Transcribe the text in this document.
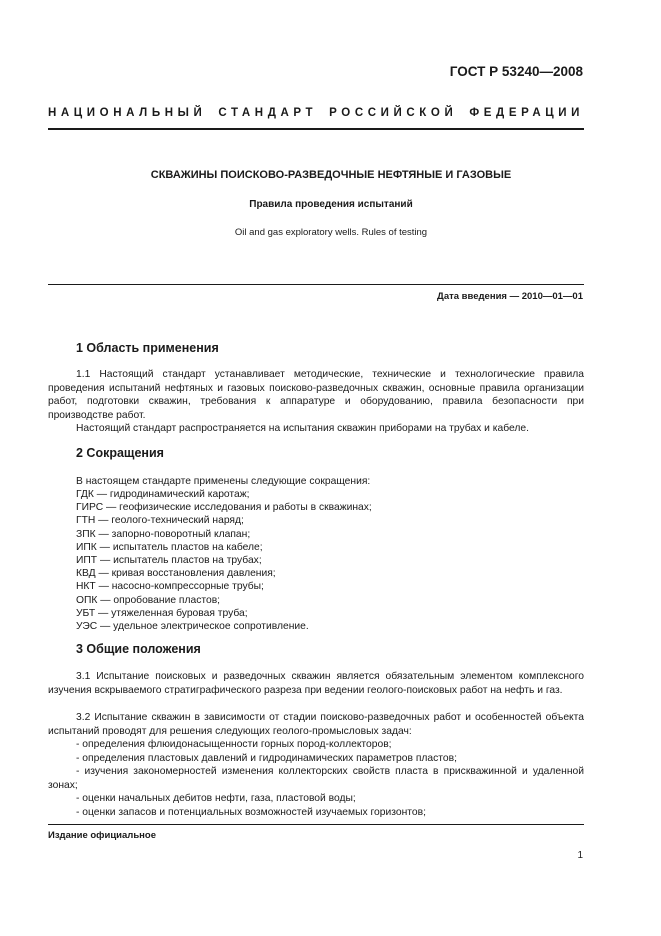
ГОСТ Р 53240—2008
НАЦИОНАЛЬНЫЙ СТАНДАРТ РОССИЙСКОЙ ФЕДЕРАЦИИ
СКВАЖИНЫ ПОИСКОВО-РАЗВЕДОЧНЫЕ НЕФТЯНЫЕ И ГАЗОВЫЕ
Правила проведения испытаний
Oil and gas exploratory wells. Rules of testing
Дата введения — 2010—01—01
1 Область применения

1.1 Настоящий стандарт устанавливает методические, технические и технологические правила проведения испытаний нефтяных и газовых поисково-разведочных скважин, основные правила организации работ, подготовки скважин, требования к аппаратуре и оборудованию, правила безопасности при производстве работ.

Настоящий стандарт распространяется на испытания скважин приборами на трубах и кабеле.

2 Сокращения

В настоящем стандарте применены следующие сокращения:

ГДК — гидродинамический каротаж;
ГИРС — геофизические исследования и работы в скважинах;
ГТН — геолого-технический наряд;
ЗПК — запорно-поворотный клапан;
ИПК — испытатель пластов на кабеле;
ИПТ — испытатель пластов на трубах;
КВД — кривая восстановления давления;
НКТ — насосно-компрессорные трубы;
ОПК — опробование пластов;
УБТ — утяжеленная буровая труба;
УЭС — удельное электрическое сопротивление.
3 Общие положения

3.1 Испытание поисковых и разведочных скважин является обязательным элементом комплексного изучения вскрываемого стратиграфического разреза при ведении геолого-поисковых работ на нефть и газ.

3.2 Испытание скважин в зависимости от стадии поисково-разведочных работ и особенностей объекта испытаний проводят для решения следующих геолого-промысловых задач:

- определения флюидонасыщенности горных пород-коллекторов;
- определения пластовых давлений и гидродинамических параметров пластов;
- изучения закономерностей изменения коллекторских свойств пласта в прискважинной и удаленной зонах;
- оценки начальных дебитов нефти, газа, пластовой воды;
- оценки запасов и потенциальных возможностей изучаемых горизонтов;
Издание официальное
1
